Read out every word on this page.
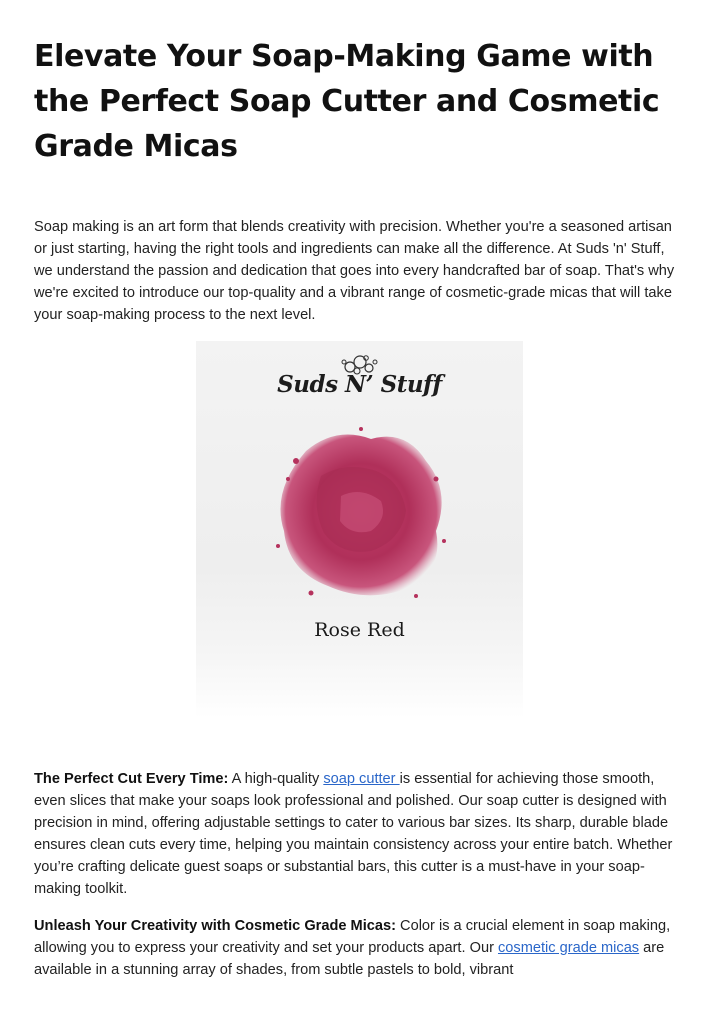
Elevate Your Soap-Making Game with the Perfect Soap Cutter and Cosmetic Grade Micas

Soap making is an art form that blends creativity with precision. Whether you're a seasoned artisan or just starting, having the right tools and ingredients can make all the difference. At Suds 'n' Stuff, we understand the passion and dedication that goes into every handcrafted bar of soap. That's why we're excited to introduce our top-quality and a vibrant range of cosmetic-grade micas that will take your soap-making process to the next level.

Suds N’ Stuff
Rose Red

The Perfect Cut Every Time: A high-quality soap cutter is essential for achieving those smooth, even slices that make your soaps look professional and polished. Our soap cutter is designed with precision in mind, offering adjustable settings to cater to various bar sizes. Its sharp, durable blade ensures clean cuts every time, helping you maintain consistency across your entire batch. Whether you’re crafting delicate guest soaps or substantial bars, this cutter is a must-have in your soap-making toolkit.

Unleash Your Creativity with Cosmetic Grade Micas: Color is a crucial element in soap making, allowing you to express your creativity and set your products apart. Our cosmetic grade micas are available in a stunning array of shades, from subtle pastels to bold, vibrant
